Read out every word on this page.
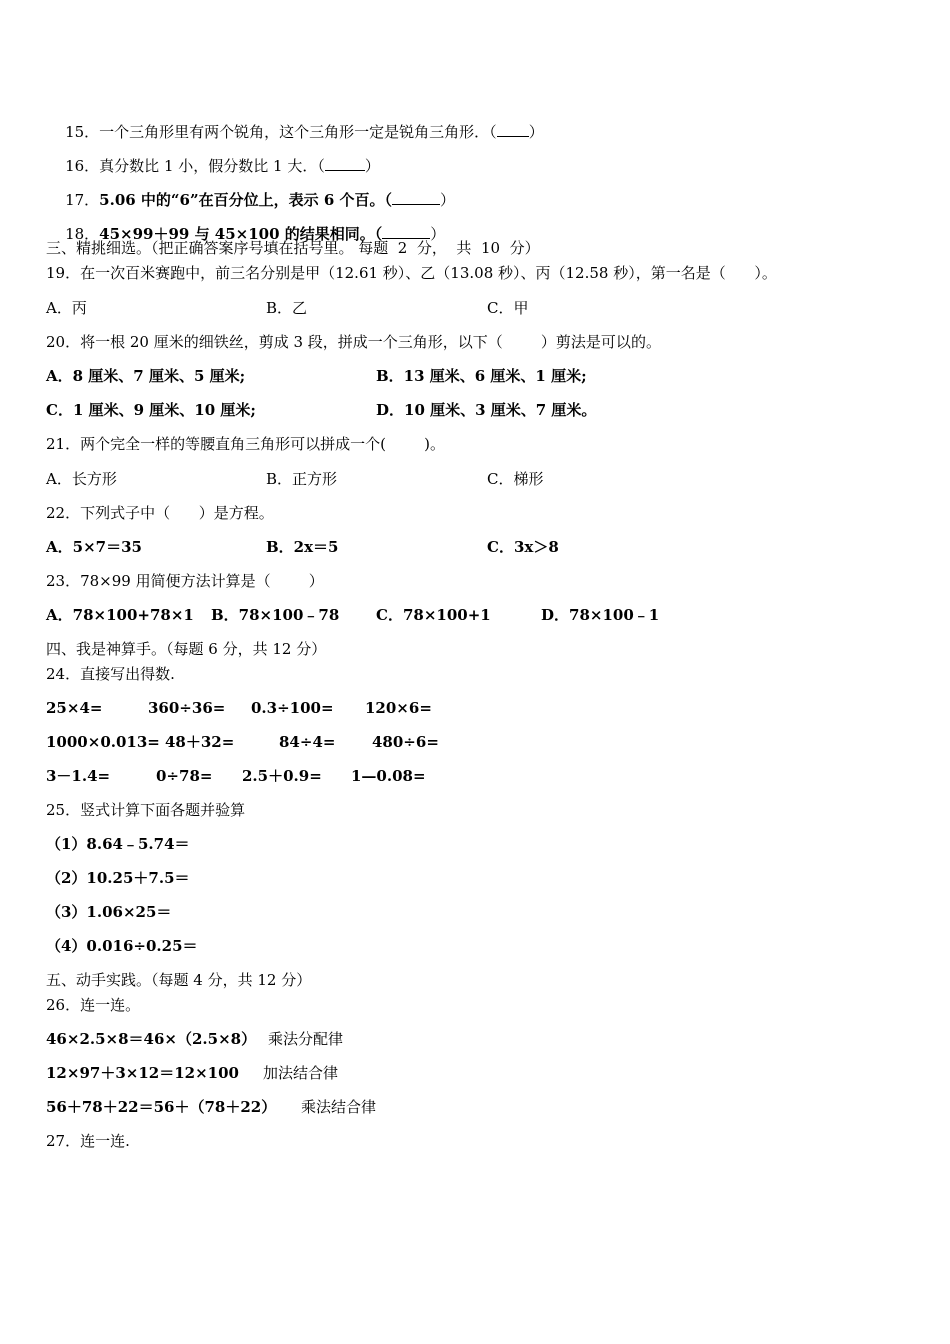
15．一个三角形里有两个锐角，这个三角形一定是锐角三角形．（ ）

16．真分数比 1 小，假分数比 1 大．（	）

17．5.06 中的“6”在百分位上，表示 6 个百。（	）

18．45×99＋99 与 45×100 的结果相同。（	）

三、精挑细选。（把正确答案序号填在括号里。 每题  2  分，  共  10  分）
19．在一次百米赛跑中，前三名分别是甲（12.61 秒）、乙（13.08 秒）、丙（12.58 秒），第一名是（      ）。
A．丙	B．乙	C．甲
20．将一根 20 厘米的细铁丝，剪成 3 段，拼成一个三角形，以下（        ）剪法是可以的。
A．8 厘米、7 厘米、5 厘米;	B．13 厘米、6 厘米、1 厘米;
C．1 厘米、9 厘米、10 厘米;	D．10 厘米、3 厘米、7 厘米。
21．两个完全一样的等腰直角三角形可以拼成一个(        )。
A．长方形	B．正方形	C．梯形
22．下列式子中（      ）是方程。
A．5×7＝35	B．2x＝5	C．3x＞8
23．78×99 用简便方法计算是（        ）
A．78×100+78×1 B．78×100﹣78 C．78×100+1	D．78×100﹣1
四、我是神算手。（每题 6 分，共 12 分）
24．直接写出得数.
25×4=	360÷36= 0.3÷100= 120×6=
1000×0.013= 48＋32=	84÷4= 480÷6=
3－1.4=	0÷78= 2.5＋0.9= 1—0.08=
25．竖式计算下面各题并验算
（1）8.64﹣5.74＝
（2）10.25＋7.5＝
（3）1.06×25＝
（4）0.016÷0.25＝
五、动手实践。（每题 4 分，共 12 分）
26．连一连。
46×2.5×8＝46×（2.5×8） 乘法分配律
12×97＋3×12＝12×100 加法结合律
56＋78＋22＝56＋（78＋22） 乘法结合律
27．连一连.
